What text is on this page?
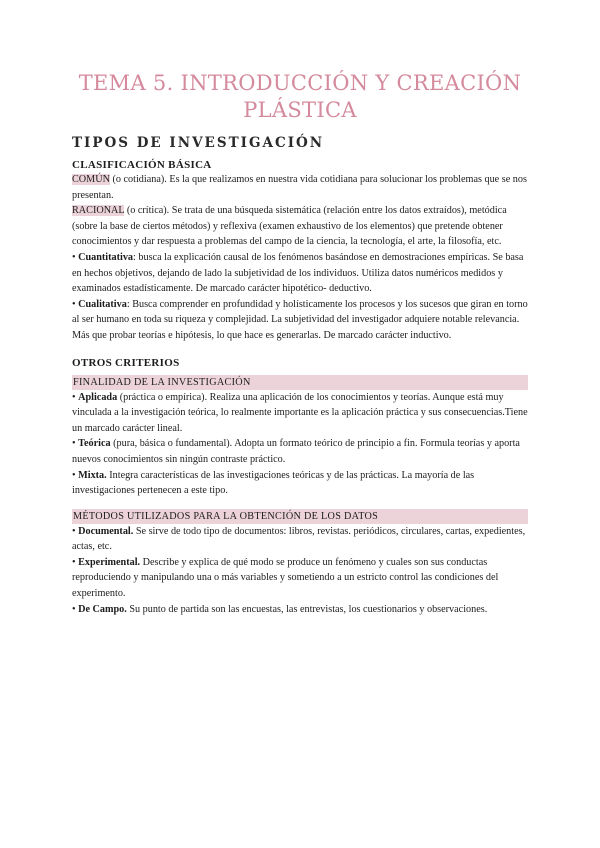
TEMA 5. INTRODUCCIÓN Y CREACIÓN
PLÁSTICA
TIPOS DE INVESTIGACIÓN
CLASIFICACIÓN BÁSICA

COMÚN (o cotidiana). Es la que realizamos en nuestra vida cotidiana para solucionar los problemas que se nos presentan.

RACIONAL (o crítica). Se trata de una búsqueda sistemática (relación entre los datos extraídos), metódica (sobre la base de ciertos métodos) y reflexiva (examen exhaustivo de los elementos) que pretende obtener conocimientos y dar respuesta a problemas del campo de la ciencia, la tecnología, el arte, la filosofía, etc.

• Cuantitativa: busca la explicación causal de los fenómenos basándose en demostraciones empíricas. Se basa en hechos objetivos, dejando de lado la subjetividad de los individuos. Utiliza datos numéricos medidos y examinados estadísticamente. De marcado carácter hipotético- deductivo.

• Cualitativa: Busca comprender en profundidad y holísticamente los procesos y los sucesos que giran en torno al ser humano en toda su riqueza y complejidad. La subjetividad del investigador adquiere notable relevancia. Más que probar teorías e hipótesis, lo que hace es generarlas. De marcado carácter inductivo.

OTROS CRITERIOS
FINALIDAD DE LA INVESTIGACIÓN

• Aplicada (práctica o empírica). Realiza una aplicación de los conocimientos y teorías. Aunque está muy vinculada a la investigación teórica, lo realmente importante es la aplicación práctica y sus consecuencias.Tiene un marcado carácter lineal.

• Teórica (pura, básica o fundamental). Adopta un formato teórico de principio a fin. Formula teorías y aporta nuevos conocimientos sin ningún contraste práctico.

• Mixta. Integra características de las investigaciones teóricas y de las prácticas. La mayoría de las investigaciones pertenecen a este tipo.

MÉTODOS UTILIZADOS PARA LA OBTENCIÓN DE LOS DATOS

• Documental. Se sirve de todo tipo de documentos: libros, revistas. periódicos, circulares, cartas, expedientes, actas, etc.

• Experimental. Describe y explica de qué modo se produce un fenómeno y cuales son sus conductas reproduciendo y manipulando una o más variables y sometiendo a un estricto control las condiciones del experimento.

• De Campo. Su punto de partida son las encuestas, las entrevistas, los cuestionarios y observaciones.
